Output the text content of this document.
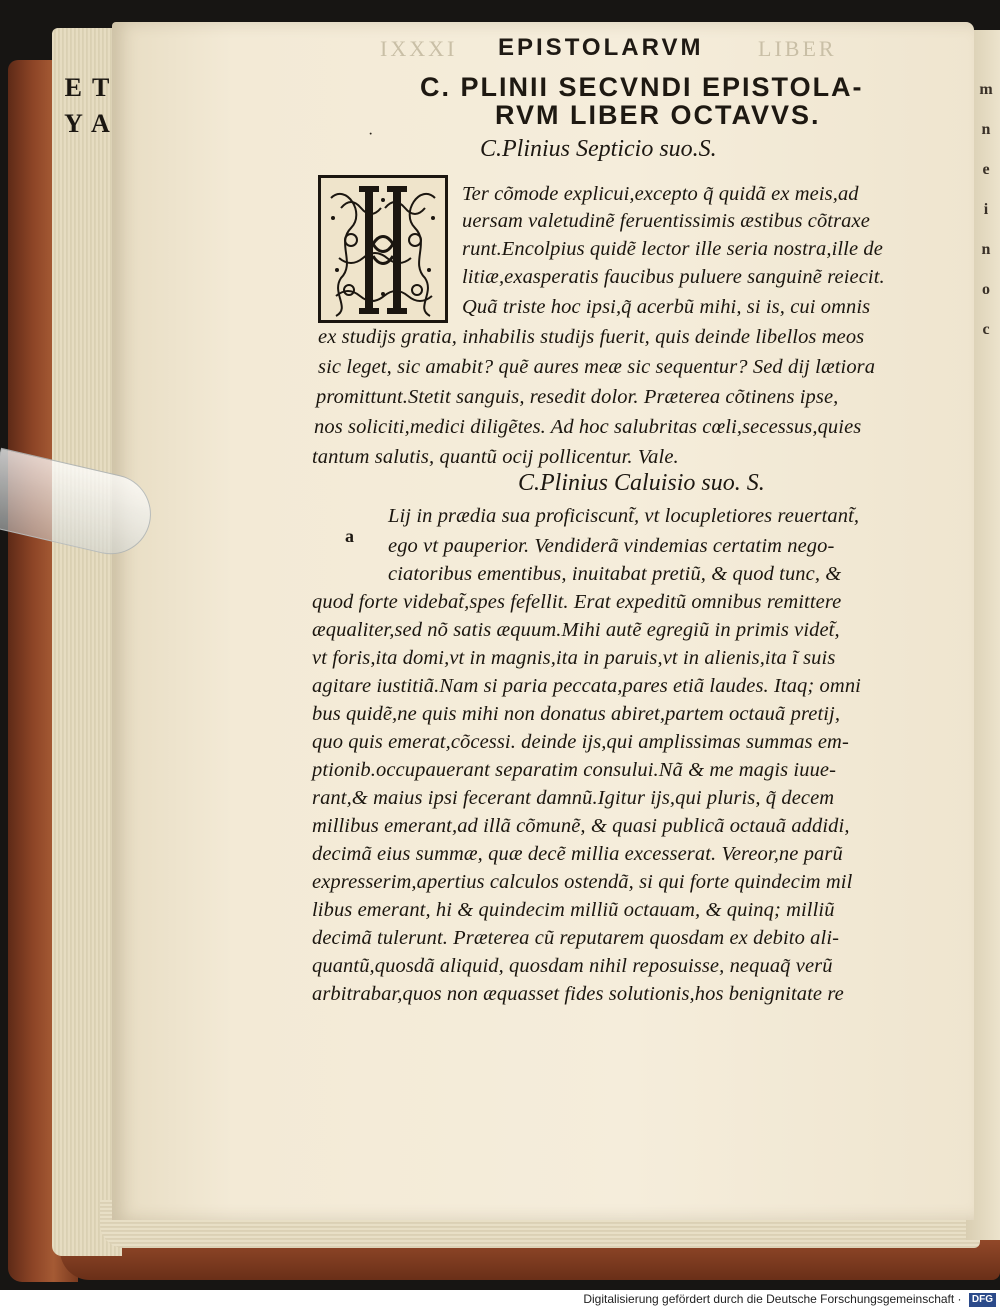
E T Y A
m
n
e
i
n
o
c
IXXXI EPISTOLARVM LIBER
C. PLINII SECVNDI EPISTOLA-
RVM LIBER OCTAVVS.
·
C.Plinius Septicio suo.S.
Ter cõmode explicui,excepto q̃ quidã ex meis,ad
uersam valetudinẽ feruentissimis æstibus cõtraxe
runt.Encolpius quidẽ lector ille seria nostra,ille de
litiæ,exasperatis faucibus puluere sanguinẽ reiecit.
Quã triste hoc ipsi,q̃ acerbũ mihi, si is, cui omnis
ex studijs gratia, inhabilis studijs fuerit, quis deinde libellos meos
sic leget, sic amabit? quẽ aures meæ sic sequentur? Sed dij lætiora
promittunt.Stetit sanguis, resedit dolor. Præterea cõtinens ipse,
nos soliciti,medici diligẽtes. Ad hoc salubritas cœli,secessus,quies
tantum salutis, quantũ ocij pollicentur. Vale.
C.Plinius Caluisio suo. S.
a
Lij in prædia sua proficiscunt̃, vt locupletiores reuertant̃,
ego vt pauperior. Vendiderã vindemias certatim nego-
ciatoribus ementibus, inuitabat pretiũ, & quod tunc, &
quod forte videbat̃,spes fefellit. Erat expeditũ omnibus remittere
æqualiter,sed nõ satis æquum.Mihi autẽ egregiũ in primis videt̃,
vt foris,ita domi,vt in magnis,ita in paruis,vt in alienis,ita ĩ suis
agitare iustitiã.Nam si paria peccata,pares etiã laudes. Itaq; omni
bus quidẽ,ne quis mihi non donatus abiret,partem octauã pretij,
quo quis emerat,cõcessi. deinde ijs,qui amplissimas summas em-
ptionib.occupauerant separatim consului.Nã & me magis iuue-
rant,& maius ipsi fecerant damnũ.Igitur ijs,qui pluris, q̃ decem
millibus emerant,ad illã cõmunẽ, & quasi publicã octauã addidi,
decimã eius summæ, quæ decẽ millia excesserat. Vereor,ne parũ
expresserim,apertius calculos ostendã, si qui forte quindecim mil
libus emerant, hi & quindecim milliũ octauam, & quinq; milliũ
decimã tulerunt. Præterea cũ reputarem quosdam ex debito ali-
quantũ,quosdã aliquid, quosdam nihil reposuisse, nequaq̃ verũ
arbitrabar,quos non æquasset fides solutionis,hos benignitate re
Digitalisierung gefördert durch die Deutsche Forschungsgemeinschaft · DFG
